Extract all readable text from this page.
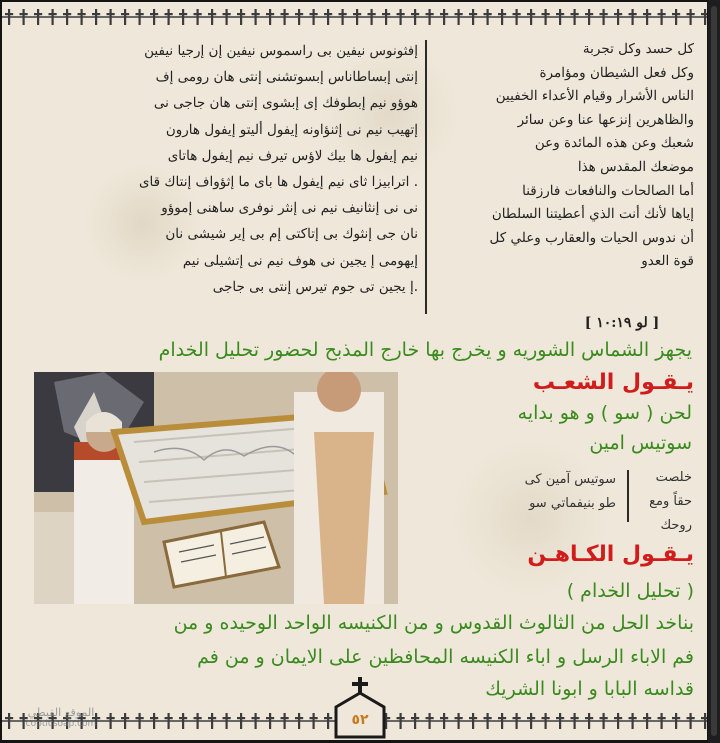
كل حسد وكل تجربة
وكل فعل الشيطان ومؤامرة
الناس الأشرار وقيام الأعداء الخفيين
والظاهرين إنزعها عنا وعن سائر
شعبك وعن هذه المائدة وعن
موضعك المقدس هذا
أما الصالحات والنافعات فارزقنا
إياها لأنك أنت الذي أعطيتنا السلطان
أن ندوس الحيات والعقارب وعلي كل
قوة العدو
إفثونوس نيفين بى راسموس نيفين إن إرجيا نيفين
إنتى إبساطاناس إبسوتشنى إنتى هان رومى إف
هوؤو نيم إبطوفك إى إبشوى إنتى هان جاجى نى
إتهيب نيم نى إثنؤاونه إيفول أليتو إيفول هارون
نيم إيفول ها بيك لاؤس تيرف نيم إيفول هاتاى
. اترابيزا ثاى نيم إيفول ها باى ما إثؤواف إنتاك قاى
نى نى إنثانيف نيم نى إنثر نوفرى ساهنى إموؤو
نان جى إنثوك بى إتاكتى إم بى إير شيشى نان
إيهومى إ يجين نى هوف نيم نى إتشيلى نيم
.إ يجين تى جوم تيرس إنتى بى جاجى
[ لو ١٠:١٩ ]
يجهز الشماس الشوريه و يخرج بها خارج المذبح لحضور تحليل الخدام
يـقـول الشعـب
لحن ( سو ) و هو بدايه
سوتيس امين
خلصت
حقاً ومع
روحك
سوتيس آمين كى
طو بنيفماتي سو
يـقـول الكـاهـن
( تحليل الخدام )
بناخد الحل من الثالوث القدوس و من الكنيسه الواحد الوحيده و من
فم الاباء الرسل و اباء الكنيسه المحافظين على الايمان و من فم
قداسه البابا و ابونا الشريك
٥٢
الموقع القبطي
copticsoap.com
